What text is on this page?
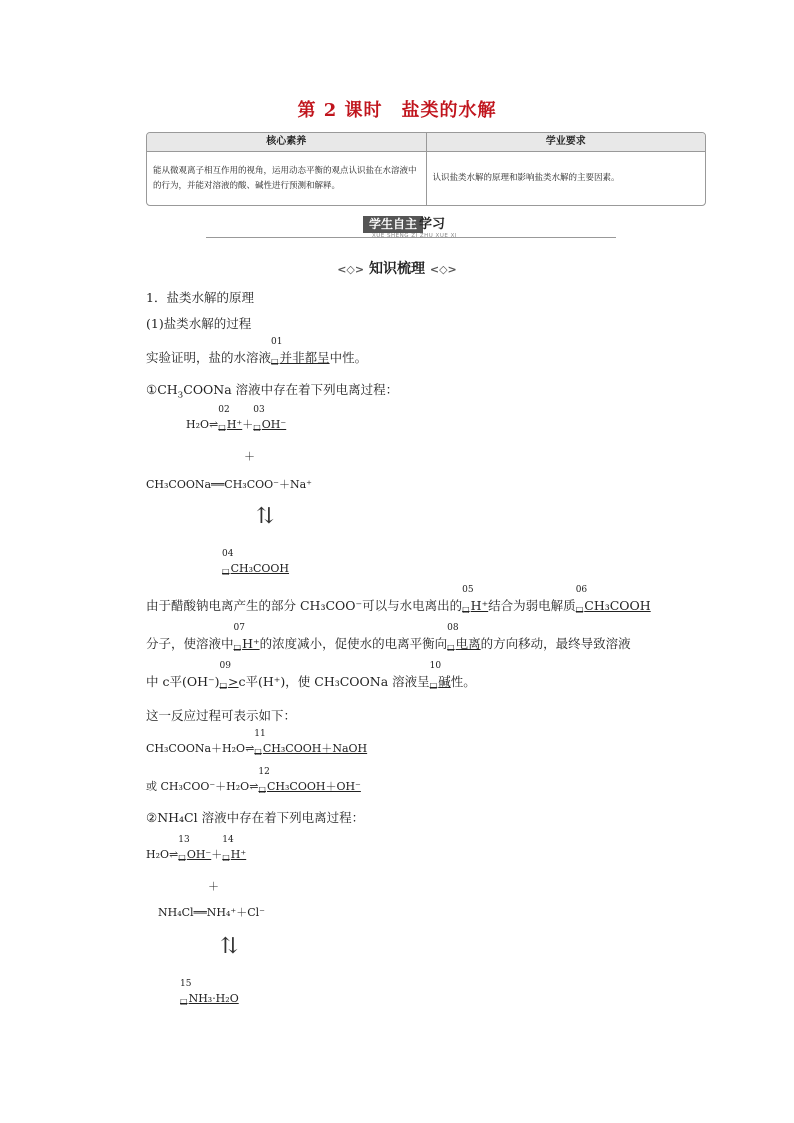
第 2 课时　盐类的水解
核心素养
能从微观离子相互作用的视角，运用动态平衡的观点认识盐在水溶液中的行为，并能对溶液的酸、碱性进行预测和解释。
学业要求
认识盐类水解的原理和影响盐类水解的主要因素。
学生自主 学习
XUE SHENG ZI ZHU XUE XI
<◇> 知识梳理 <◇>
1．盐类水解的原理
(1)盐类水解的过程
实验证明，盐的水溶液
01
□并非都呈中性。
$①CH_3COONa$ 溶液中存在着下列电离过程：
H₂O⇌
02
□H⁺＋
03
□OH⁻
＋
CH₃COONa══CH₃COO⁻＋Na⁺
⇅
04
□CH₃COOH
由于醋酸钠电离产生的部分 CH₃COO⁻可以与水电离出的
05
□H⁺结合为弱电解质
06
□CH₃COOH
分子，使溶液中
07
□H⁺的浓度减小，促使水的电离平衡向
08
□电离的方向移动，最终导致溶液
中 c平(OH⁻)
09
□>c平(H⁺)，使 CH₃COONa 溶液呈
10
□碱性。
这一反应过程可表示如下：
CH₃COONa＋H₂O⇌
11
□CH₃COOH＋NaOH
或 CH₃COO⁻＋H₂O⇌
12
□CH₃COOH＋OH⁻
②NH₄Cl 溶液中存在着下列电离过程：
H₂O⇌
13
□OH⁻＋
14
□H⁺
＋
NH₄Cl══NH₄⁺＋Cl⁻
⇅
15
□NH₃·H₂O
